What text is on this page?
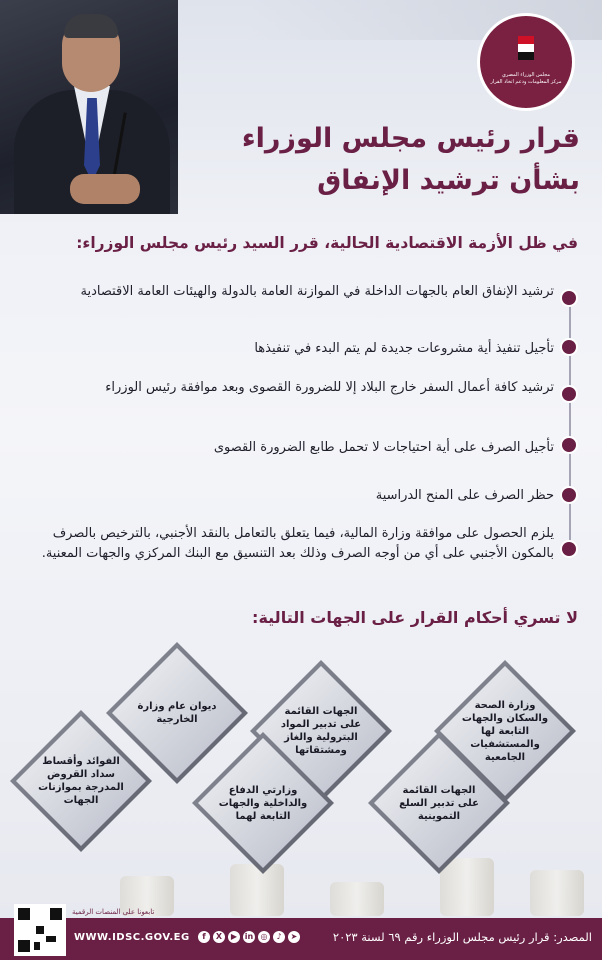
مجلس الوزراء المصري
مركز المعلومات ودعم اتخاذ القرار
قرار رئيس مجلس الوزراء
بشأن ترشيد الإنفاق
في ظل الأزمة الاقتصادية الحالية، قرر السيد رئيس مجلس الوزراء:
ترشيد الإنفاق العام بالجهات الداخلة في الموازنة العامة بالدولة والهيئات العامة الاقتصادية
تأجيل تنفيذ أية مشروعات جديدة لم يتم البدء في تنفيذها
ترشيد كافة أعمال السفر خارج البلاد إلا للضرورة القصوى وبعد موافقة رئيس الوزراء
تأجيل الصرف على أية احتياجات لا تحمل طابع الضرورة القصوى
حظر الصرف على المنح الدراسية
يلزم الحصول على موافقة وزارة المالية، فيما يتعلق بالتعامل بالنقد الأجنبي، بالترخيص بالصرف بالمكون الأجنبي على أي من أوجه الصرف وذلك بعد التنسيق مع البنك المركزي والجهات المعنية.
لا تسري أحكام القرار على الجهات التالية:
وزارة الصحة والسكان والجهات التابعة لها والمستشفيات الجامعية
الجهات القائمة على تدبير المواد البترولية والغاز ومشتقاتها
ديوان عام وزارة الخارجية
الجهات القائمة على تدبير السلع التموينية
وزارتي الدفاع والداخلية والجهات التابعة لهما
الفوائد وأقساط سداد القروض المدرجة بموازنات الجهات
تابعونا على المنصات الرقمية
WWW.IDSC.GOV.EG	f	X	▶ in ◎	♪	➤	المصدر: قرار رئيس مجلس الوزراء رقم ٦٩ لسنة ٢٠٢٣
